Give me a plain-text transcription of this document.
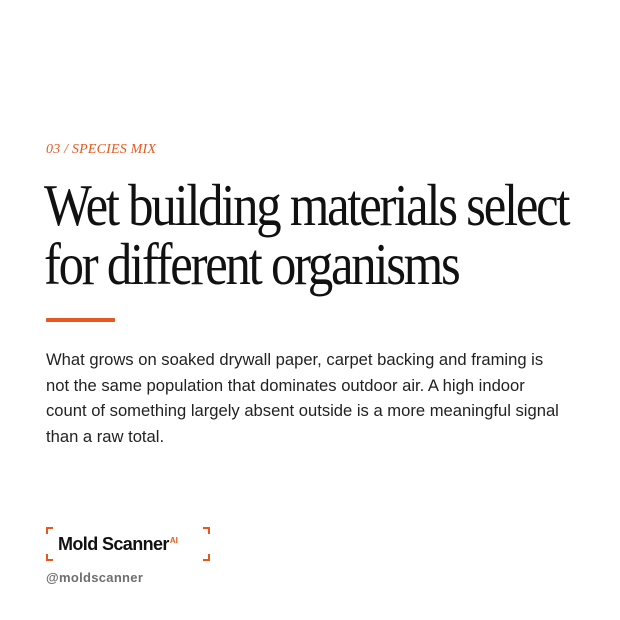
03 / SPECIES MIX
Wet building materials select
for different organisms

What grows on soaked drywall paper, carpet backing and framing is not the same population that dominates outdoor air. A high indoor count of something largely absent outside is a more meaningful signal than a raw total.

Mold Scanner$^{AI}$
@moldscanner
